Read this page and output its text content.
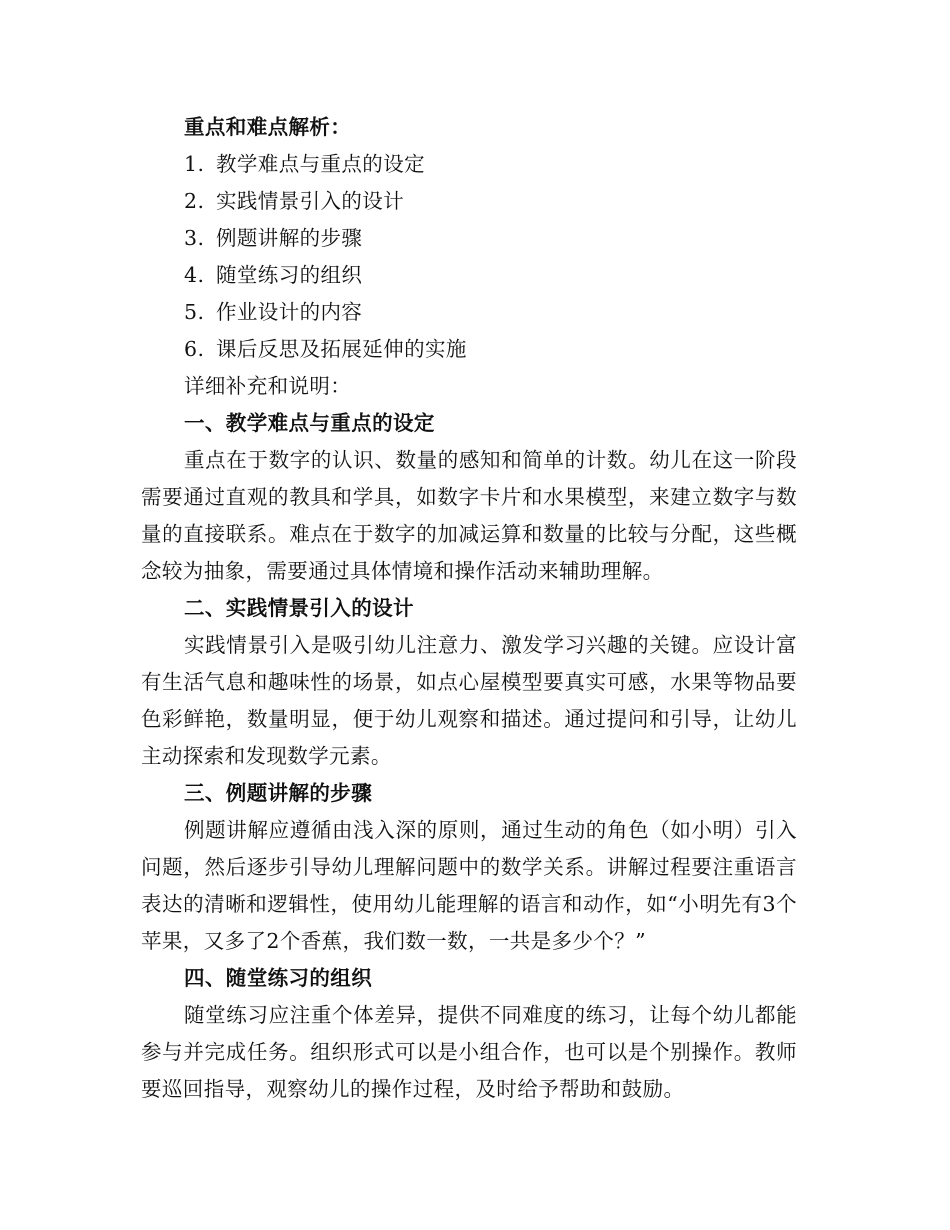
重点和难点解析：

1. 教学难点与重点的设定

2. 实践情景引入的设计

3. 例题讲解的步骤

4. 随堂练习的组织

5. 作业设计的内容

6. 课后反思及拓展延伸的实施

详细补充和说明：

一、教学难点与重点的设定

重点在于数字的认识、数量的感知和简单的计数。幼儿在这一阶段需要通过直观的教具和学具，如数字卡片和水果模型，来建立数字与数量的直接联系。难点在于数字的加减运算和数量的比较与分配，这些概念较为抽象，需要通过具体情境和操作活动来辅助理解。

二、实践情景引入的设计

实践情景引入是吸引幼儿注意力、激发学习兴趣的关键。应设计富有生活气息和趣味性的场景，如点心屋模型要真实可感，水果等物品要色彩鲜艳，数量明显，便于幼儿观察和描述。通过提问和引导，让幼儿主动探索和发现数学元素。

三、例题讲解的步骤

例题讲解应遵循由浅入深的原则，通过生动的角色（如小明）引入问题，然后逐步引导幼儿理解问题中的数学关系。讲解过程要注重语言表达的清晰和逻辑性，使用幼儿能理解的语言和动作，如“小明先有3个苹果，又多了2个香蕉，我们数一数，一共是多少个？”

四、随堂练习的组织

随堂练习应注重个体差异，提供不同难度的练习，让每个幼儿都能参与并完成任务。组织形式可以是小组合作，也可以是个别操作。教师要巡回指导，观察幼儿的操作过程，及时给予帮助和鼓励。
